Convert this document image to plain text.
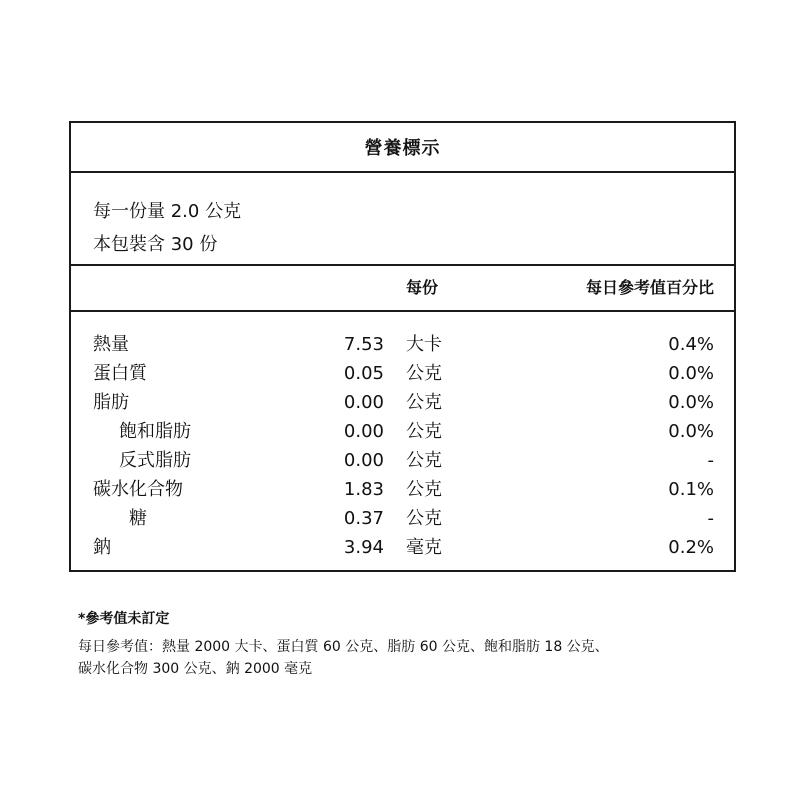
營養標示
每一份量 2.0 公克
本包裝含 30 份
每份	每日參考值百分比
熱量	7.53 大卡	0.4%
蛋白質	0.05 公克	0.0%
脂肪	0.00 公克	0.0%
飽和脂肪	0.00 公克	0.0%
反式脂肪	0.00 公克	-
碳水化合物	1.83 公克	0.1%
糖	0.37 公克	-
鈉	3.94 毫克	0.2%
*參考值未訂定
每日參考值：熱量 2000 大卡、蛋白質 60 公克、脂肪 60 公克、飽和脂肪 18 公克、
碳水化合物 300 公克、鈉 2000 毫克
